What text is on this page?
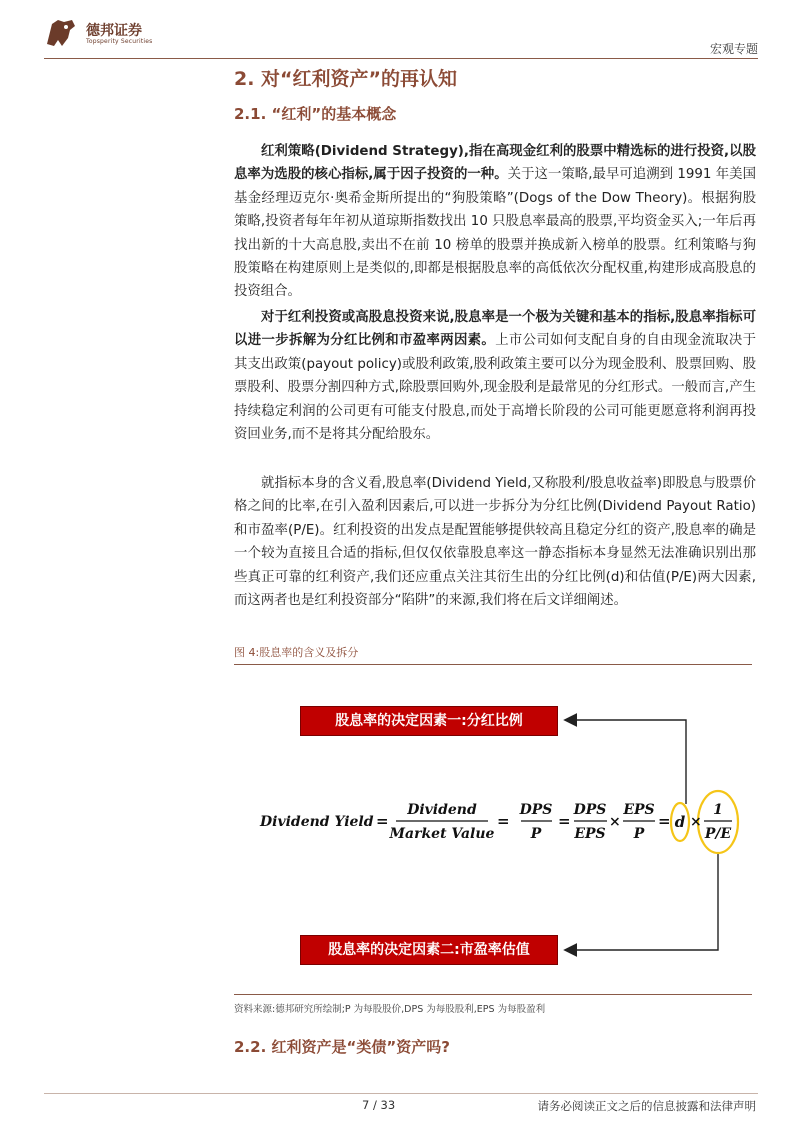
德邦证券
Topsperity Securities
宏观专题
2. 对“红利资产”的再认知
2.1. “红利”的基本概念
红利策略(Dividend Strategy),指在高现金红利的股票中精选标的进行投资,以股息率为选股的核心指标,属于因子投资的一种。关于这一策略,最早可追溯到 1991 年美国基金经理迈克尔·奥希金斯所提出的“狗股策略”(Dogs of the Dow Theory)。根据狗股策略,投资者每年年初从道琼斯指数找出 10 只股息率最高的股票,平均资金买入;一年后再找出新的十大高息股,卖出不在前 10 榜单的股票并换成新入榜单的股票。红利策略与狗股策略在构建原则上是类似的,即都是根据股息率的高低依次分配权重,构建形成高股息的投资组合。
对于红利投资或高股息投资来说,股息率是一个极为关键和基本的指标,股息率指标可以进一步拆解为分红比例和市盈率两因素。上市公司如何支配自身的自由现金流取决于其支出政策(payout policy)或股利政策,股利政策主要可以分为现金股利、股票回购、股票股利、股票分割四种方式,除股票回购外,现金股利是最常见的分红形式。一般而言,产生持续稳定利润的公司更有可能支付股息,而处于高增长阶段的公司可能更愿意将利润再投资回业务,而不是将其分配给股东。
就指标本身的含义看,股息率(Dividend Yield,又称股利/股息收益率)即股息与股票价格之间的比率,在引入盈利因素后,可以进一步拆分为分红比例(Dividend Payout Ratio)和市盈率(P/E)。红利投资的出发点是配置能够提供较高且稳定分红的资产,股息率的确是一个较为直接且合适的指标,但仅仅依靠股息率这一静态指标本身显然无法准确识别出那些真正可靠的红利资产,我们还应重点关注其衍生出的分红比例(d)和估值(P/E)两大因素,而这两者也是红利投资部分“陷阱”的来源,我们将在后文详细阐述。
图 4:股息率的含义及拆分
Dividend Yield =
Dividend
Market Value
=
DPS
P
=
DPS
EPS
×
EPS
P
= d ×
1
P/E
股息率的决定因素一:分红比例
股息率的决定因素二:市盈率估值
资料来源:德邦研究所绘制;P 为每股股价,DPS 为每股股利,EPS 为每股盈利
2.2. 红利资产是“类债”资产吗?
7 / 33	请务必阅读正文之后的信息披露和法律声明
